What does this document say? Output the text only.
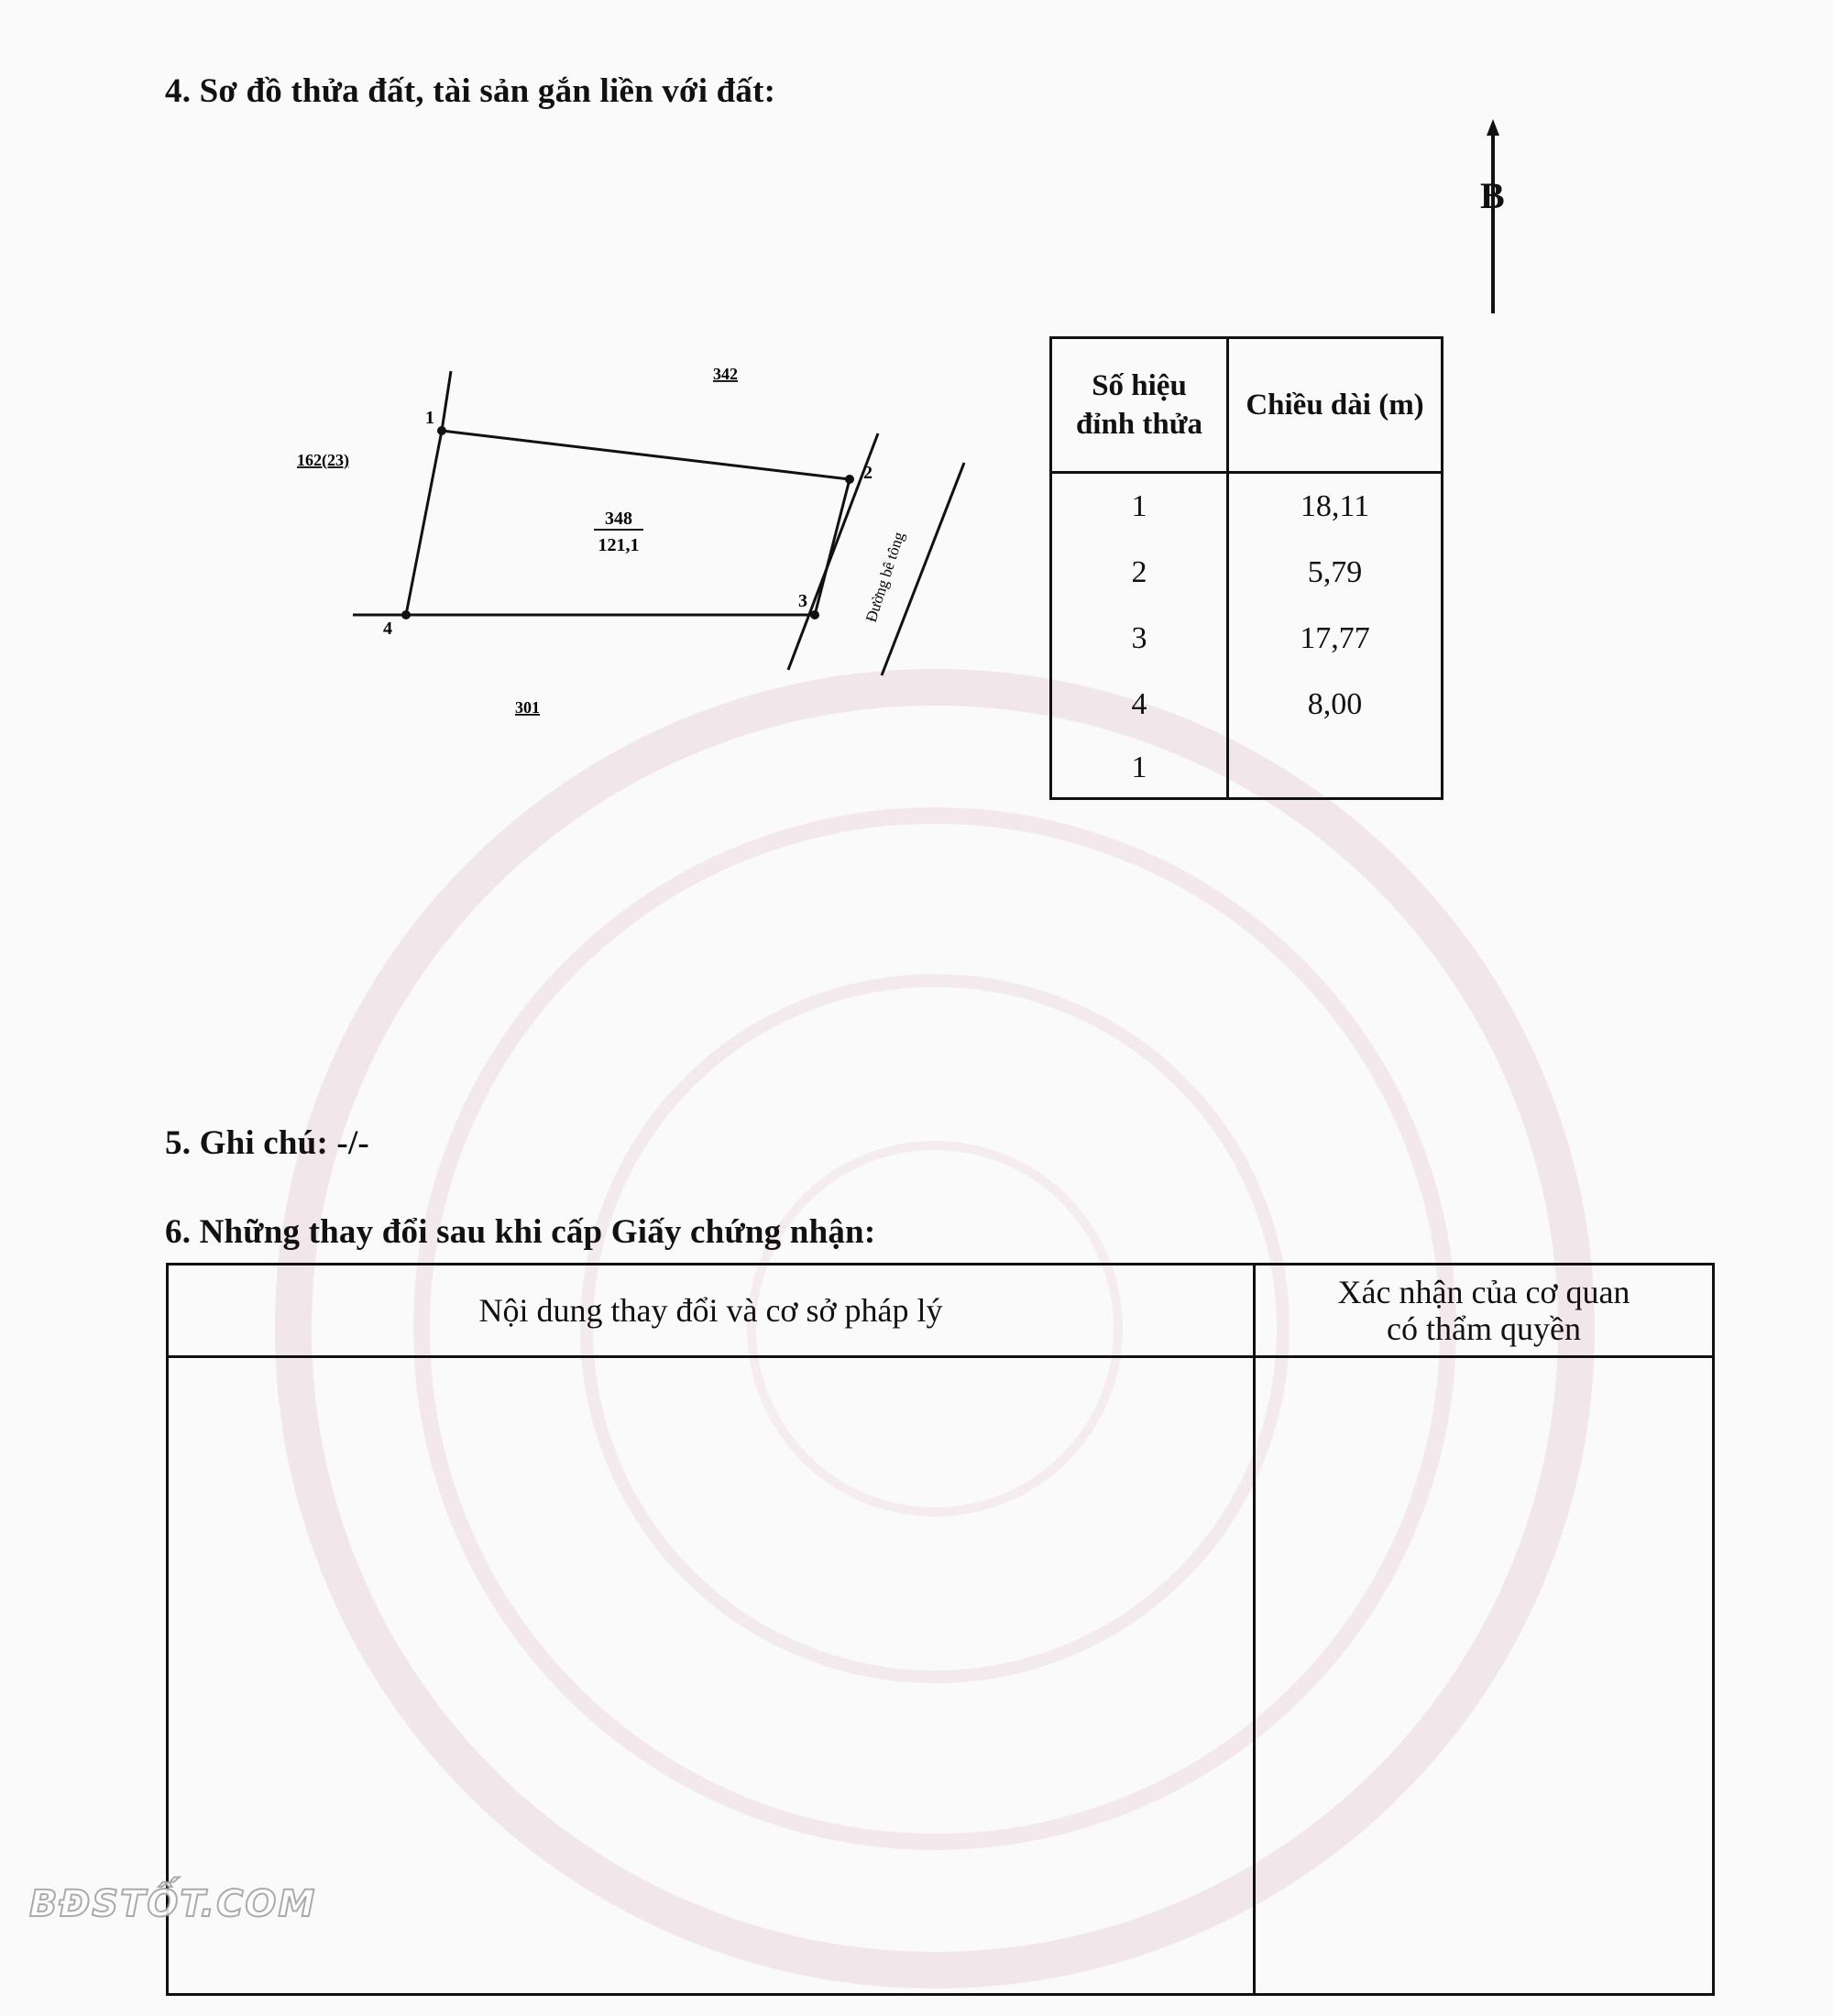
4. Sơ đồ thửa đất, tài sản gắn liền với đất:
B
1
2
3
4
348
121,1
342
162(23)
301
Đường bê tông
Số hiệu
đỉnh thửa	Chiều dài (m)
1	18,11
2	5,79
3	17,77
4	8,00
1	
5. Ghi chú: -/-
6. Những thay đổi sau khi cấp Giấy chứng nhận:
Nội dung thay đổi và cơ sở pháp lý	Xác nhận của cơ quan
có thẩm quyền

BĐSTỐT.COM
